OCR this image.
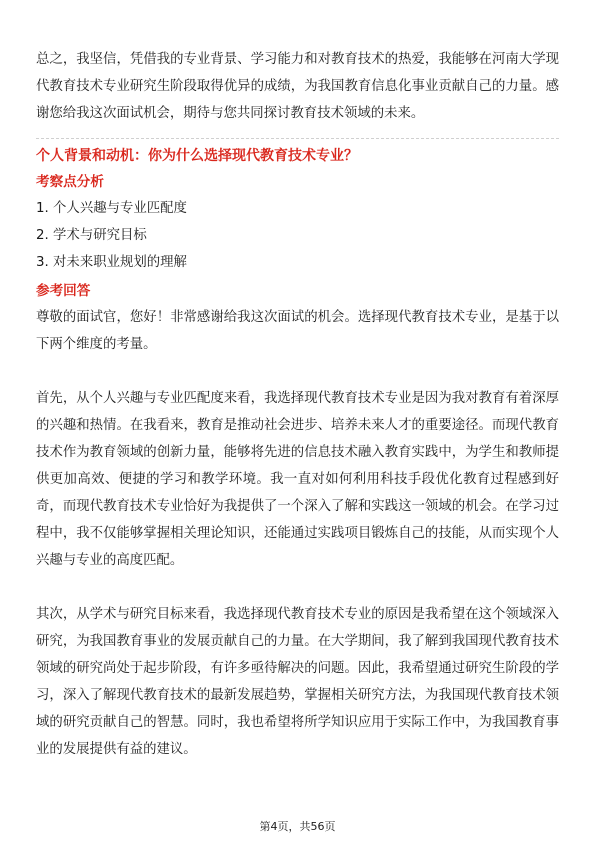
总之，我坚信，凭借我的专业背景、学习能力和对教育技术的热爱，我能够在河南大学现代教育技术专业研究生阶段取得优异的成绩，为我国教育信息化事业贡献自己的力量。感谢您给我这次面试机会，期待与您共同探讨教育技术领域的未来。

个人背景和动机：你为什么选择现代教育技术专业？

考察点分析

1. 个人兴趣与专业匹配度
2. 学术与研究目标
3. 对未来职业规划的理解

参考回答

尊敬的面试官，您好！非常感谢给我这次面试的机会。选择现代教育技术专业，是基于以下两个维度的考量。

首先，从个人兴趣与专业匹配度来看，我选择现代教育技术专业是因为我对教育有着深厚的兴趣和热情。在我看来，教育是推动社会进步、培养未来人才的重要途径。而现代教育技术作为教育领域的创新力量，能够将先进的信息技术融入教育实践中，为学生和教师提供更加高效、便捷的学习和教学环境。我一直对如何利用科技手段优化教育过程感到好奇，而现代教育技术专业恰好为我提供了一个深入了解和实践这一领域的机会。在学习过程中，我不仅能够掌握相关理论知识，还能通过实践项目锻炼自己的技能，从而实现个人兴趣与专业的高度匹配。

其次，从学术与研究目标来看，我选择现代教育技术专业的原因是我希望在这个领域深入研究，为我国教育事业的发展贡献自己的力量。在大学期间，我了解到我国现代教育技术领域的研究尚处于起步阶段，有许多亟待解决的问题。因此，我希望通过研究生阶段的学习，深入了解现代教育技术的最新发展趋势，掌握相关研究方法，为我国现代教育技术领域的研究贡献自己的智慧。同时，我也希望将所学知识应用于实际工作中，为我国教育事业的发展提供有益的建议。

第4页，共56页
